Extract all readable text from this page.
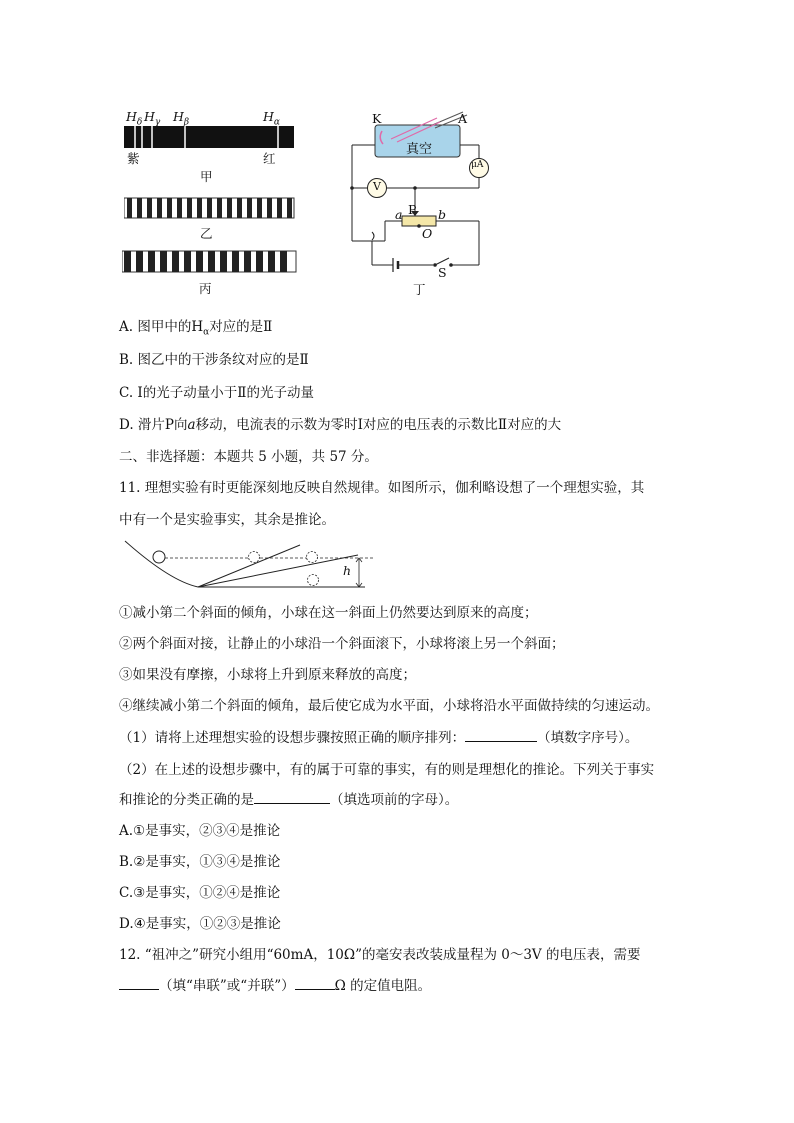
$H_\delta$ $H_\gamma$ $H_\beta$	$H_\alpha$
紫	红
甲
乙
丙
K	A
真空
μA
V
a P b
O
S
丁
A. 图甲中的$H_\alpha$对应的是Ⅱ
B. 图乙中的干涉条纹对应的是Ⅱ
C. Ⅰ的光子动量小于Ⅱ的光子动量
D. 滑片P向a移动，电流表的示数为零时Ⅰ对应的电压表的示数比Ⅱ对应的大
二、非选择题：本题共 5 小题，共 57 分。
11. 理想实验有时更能深刻地反映自然规律。如图所示，伽利略设想了一个理想实验，其
中有一个是实验事实，其余是推论。
h
①减小第二个斜面的倾角，小球在这一斜面上仍然要达到原来的高度；
②两个斜面对接，让静止的小球沿一个斜面滚下，小球将滚上另一个斜面；
③如果没有摩擦，小球将上升到原来释放的高度；
④继续减小第二个斜面的倾角，最后使它成为水平面，小球将沿水平面做持续的匀速运动。
（1）请将上述理想实验的设想步骤按照正确的顺序排列：	（填数字序号）。
（2）在上述的设想步骤中，有的属于可靠的事实，有的则是理想化的推论。下列关于事实
和推论的分类正确的是	（填选项前的字母）。
A.①是事实，②③④是推论
B.②是事实，①③④是推论
C.③是事实，①②④是推论
D.④是事实，①②③是推论
12. “祖冲之”研究小组用“60mA，10Ω”的毫安表改装成量程为 0～3V 的电压表，需要
（填“串联”或“并联”）	Ω 的定值电阻。
